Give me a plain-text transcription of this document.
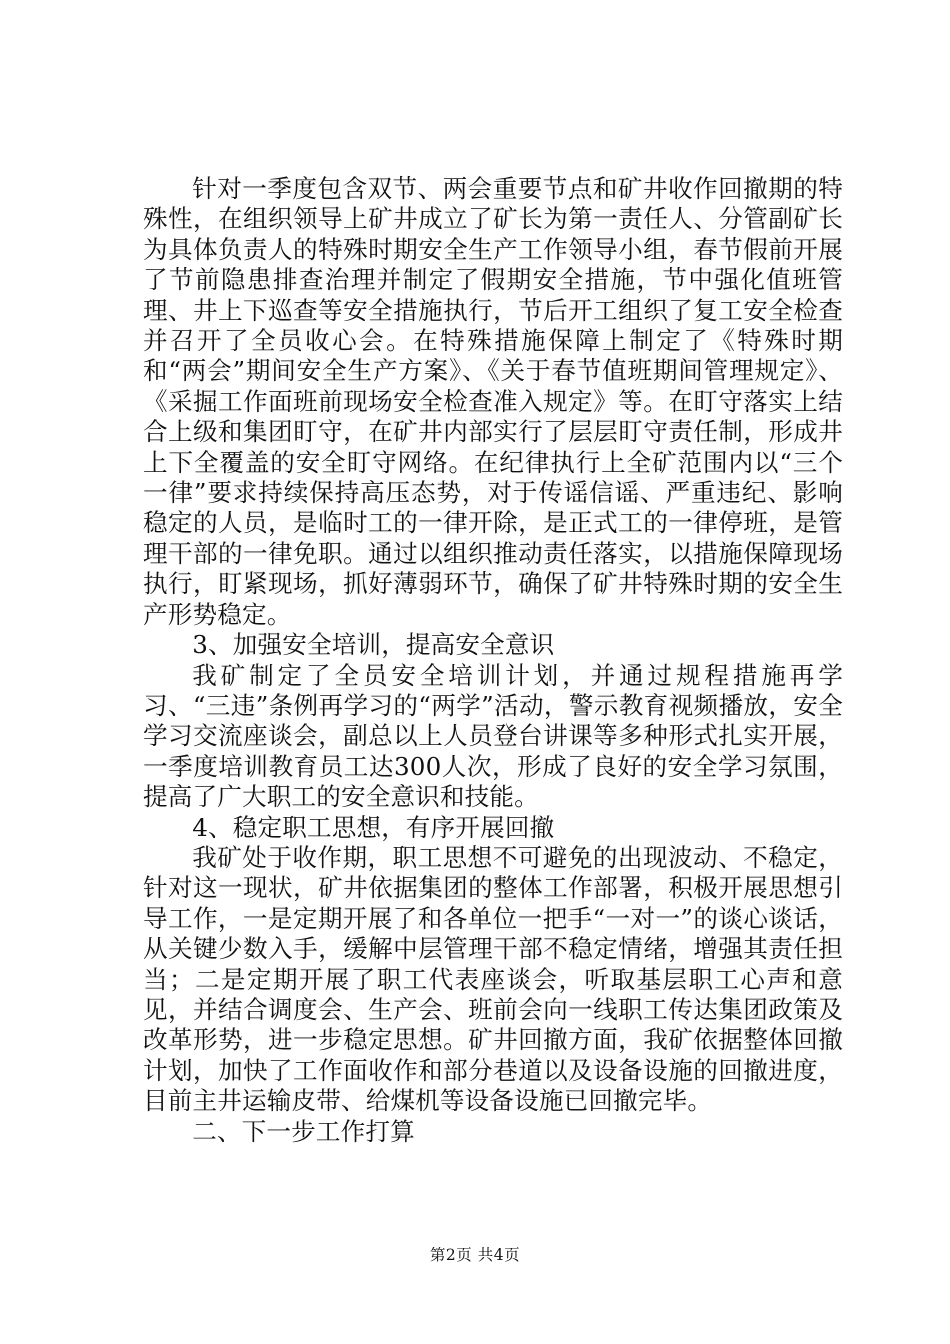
针对一季度包含双节、两会重要节点和矿井收作回撤期的特殊性，在组织领导上矿井成立了矿长为第一责任人、分管副矿长为具体负责人的特殊时期安全生产工作领导小组，春节假前开展了节前隐患排查治理并制定了假期安全措施，节中强化值班管理、井上下巡查等安全措施执行，节后开工组织了复工安全检查并召开了全员收心会。在特殊措施保障上制定了《特殊时期和“两会”期间安全生产方案》、《关于春节值班期间管理规定》、《采掘工作面班前现场安全检查准入规定》等。在盯守落实上结合上级和集团盯守，在矿井内部实行了层层盯守责任制，形成井上下全覆盖的安全盯守网络。在纪律执行上全矿范围内以“三个一律”要求持续保持高压态势，对于传谣信谣、严重违纪、影响稳定的人员，是临时工的一律开除，是正式工的一律停班，是管理干部的一律免职。通过以组织推动责任落实，以措施保障现场执行，盯紧现场，抓好薄弱环节，确保了矿井特殊时期的安全生产形势稳定。

3、加强安全培训，提高安全意识

我矿制定了全员安全培训计划，并通过规程措施再学习、“三违”条例再学习的“两学”活动，警示教育视频播放，安全学习交流座谈会，副总以上人员登台讲课等多种形式扎实开展，一季度培训教育员工达300人次，形成了良好的安全学习氛围，提高了广大职工的安全意识和技能。

4、稳定职工思想，有序开展回撤

我矿处于收作期，职工思想不可避免的出现波动、不稳定，针对这一现状，矿井依据集团的整体工作部署，积极开展思想引导工作，一是定期开展了和各单位一把手“一对一”的谈心谈话，从关键少数入手，缓解中层管理干部不稳定情绪，增强其责任担当；二是定期开展了职工代表座谈会，听取基层职工心声和意见，并结合调度会、生产会、班前会向一线职工传达集团政策及改革形势，进一步稳定思想。矿井回撤方面，我矿依据整体回撤计划，加快了工作面收作和部分巷道以及设备设施的回撤进度，目前主井运输皮带、给煤机等设备设施已回撤完毕。

二、下一步工作打算

第2页 共4页
